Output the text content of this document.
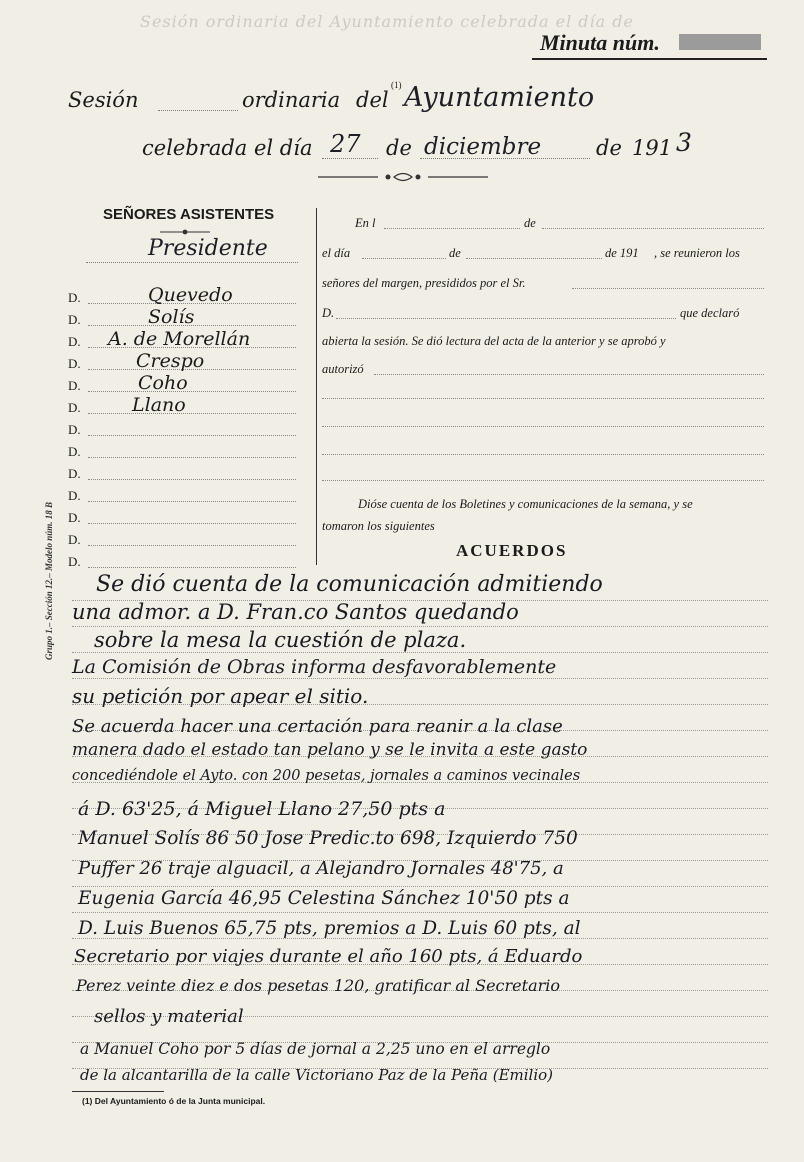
Sesión ordinaria del Ayuntamiento celebrada el día de
Minuta núm.
Sesión	ordinaria del
(1) Ayuntamiento
celebrada el día 27 de diciembre	de 191 3
SEÑORES ASISTENTES
Presidente
D.	Quevedo
D.	Solís
D. A. de Morellán
D.	Crespo
D.	Coho
D.	Llano
D.
D.
D.
D.
D.
D.
D.
Grupo 1.– Sección 12.– Modelo núm. 18 B
En l	de
el día	de	de 191 , se reunieron los
señores del margen, presididos por el Sr.
D.	que declaró
abierta la sesión. Se dió lectura del acta de la anterior y se aprobó y
autorizó
Dióse cuenta de los Boletines y comunicaciones de la semana, y se
tomaron los siguientes
ACUERDOS
Se dió cuenta de la comunicación admitiendo
una admor. a D. Fran.co Santos quedando
sobre la mesa la cuestión de plaza.
La Comisión de Obras informa desfavorablemente
su petición por apear el sitio.
Se acuerda hacer una certación para reanir a la clase
manera dado el estado tan pelano y se le invita a este gasto
concediéndole el Ayto. con 200 pesetas, jornales a caminos vecinales
á D. 63'25, á Miguel Llano 27,50 pts a
Manuel Solís 86 50 Jose Predic.to 698, Izquierdo 750
Puffer 26 traje alguacil, a Alejandro Jornales 48'75, a
Eugenia García 46,95 Celestina Sánchez 10'50 pts a
D. Luis Buenos 65,75 pts, premios a D. Luis 60 pts, al
Secretario por viajes durante el año 160 pts, á Eduardo
Perez veinte diez e dos pesetas 120, gratificar al Secretario
sellos y material
a Manuel Coho por 5 días de jornal a 2,25 uno en el arreglo
de la alcantarilla de la calle Victoriano Paz de la Peña (Emilio)
(1) Del Ayuntamiento ó de la Junta municipal.
